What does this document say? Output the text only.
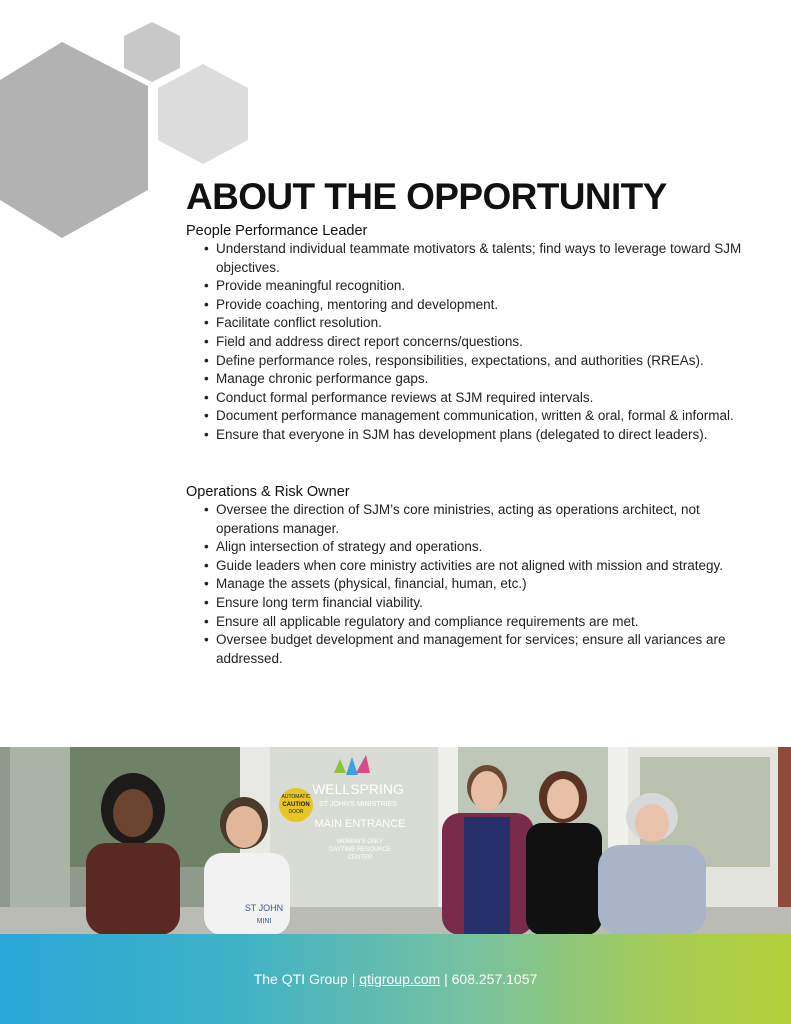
ABOUT THE OPPORTUNITY
People Performance Leader
• Understand individual teammate motivators & talents; find ways to leverage toward SJM objectives.
• Provide meaningful recognition.
• Provide coaching, mentoring and development.
• Facilitate conflict resolution.
• Field and address direct report concerns/questions.
• Define performance roles, responsibilities, expectations, and authorities (RREAs).
• Manage chronic performance gaps.
• Conduct formal performance reviews at SJM required intervals.
• Document performance management communication, written & oral, formal & informal.
• Ensure that everyone in SJM has development plans (delegated to direct leaders).
Operations & Risk Owner
• Oversee the direction of SJM’s core ministries, acting as operations architect, not operations manager.
• Align intersection of strategy and operations.
• Guide leaders when core ministry activities are not aligned with mission and strategy.
• Manage the assets (physical, financial, human, etc.)
• Ensure long term financial viability.
• Ensure all applicable regulatory and compliance requirements are met.
• Oversee budget development and management for services; ensure all variances are addressed.
AUTOMATIC
CAUTION
DOOR
WELLSPRING
ST JOHN'S MINISTRIES
MAIN ENTRANCE
WOMAN'S ONLY
DAYTIME RESOURCE
CENTER
ST JOHN
MINI
The QTI Group | qtigroup.com | 608.257.1057
